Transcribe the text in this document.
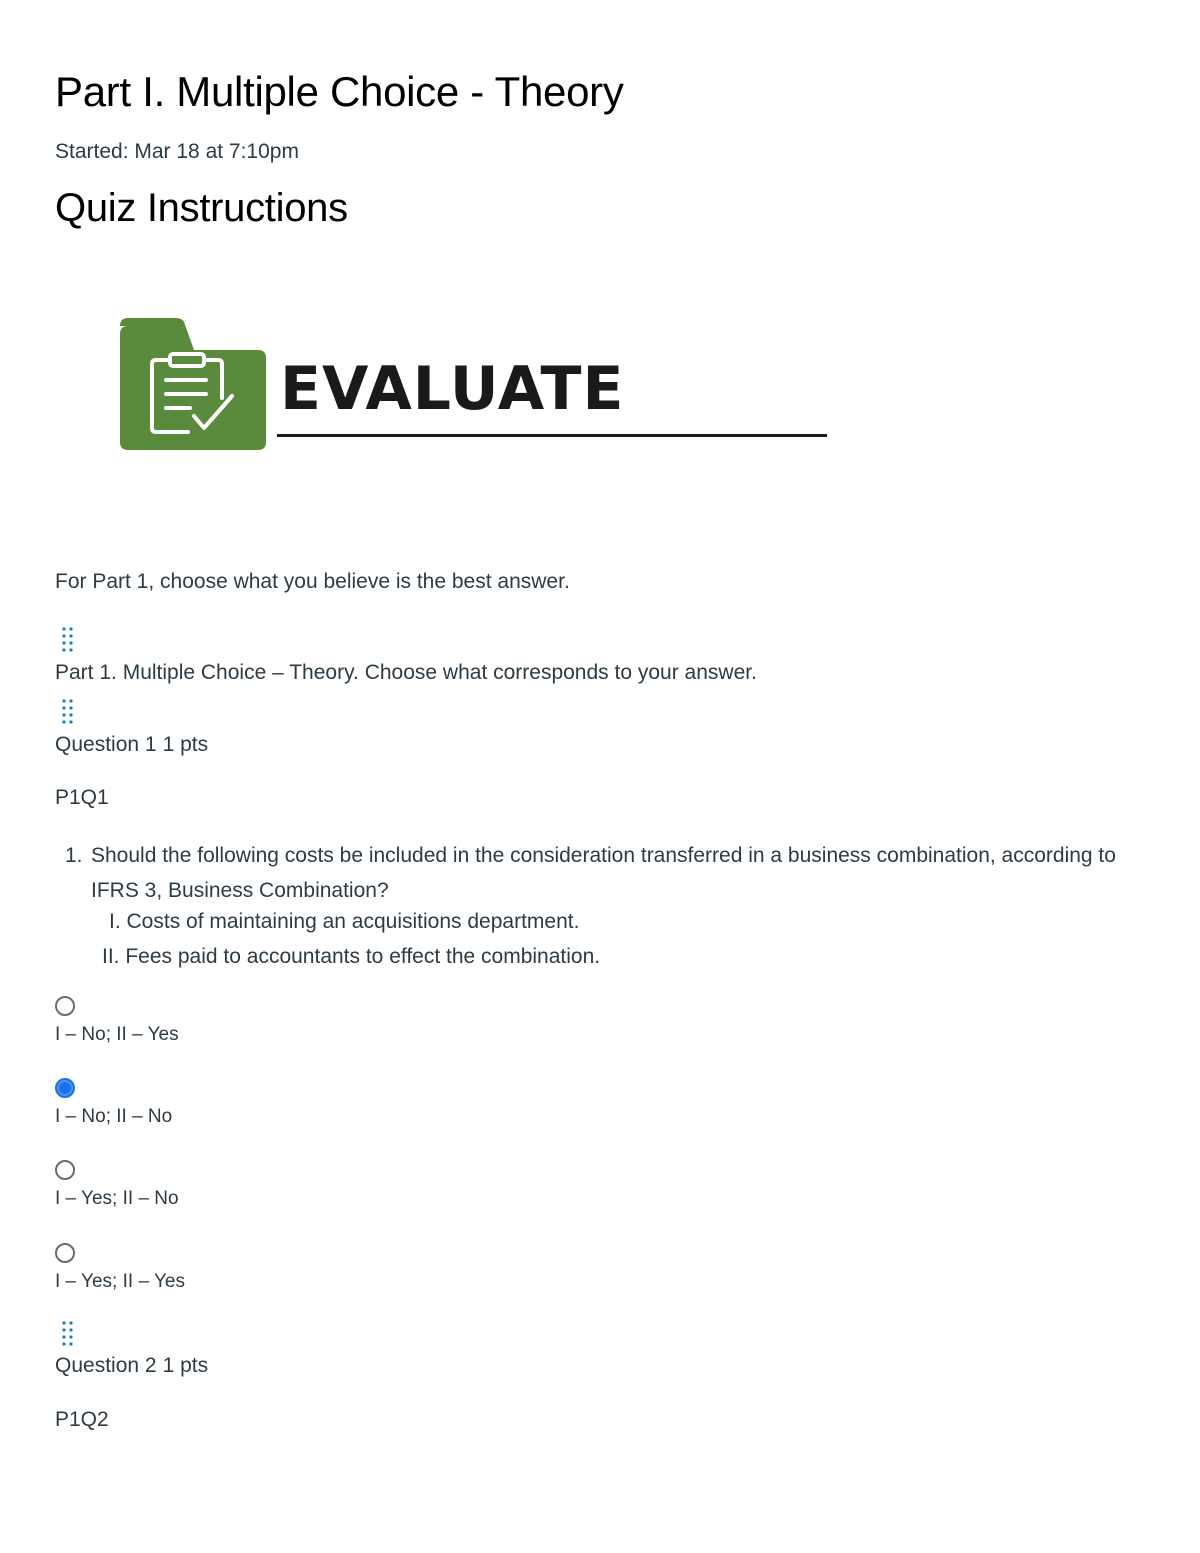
Part I. Multiple Choice - Theory
Started: Mar 18 at 7:10pm
Quiz Instructions
EVALUATE
For Part 1, choose what you believe is the best answer.
Part 1. Multiple Choice – Theory. Choose what corresponds to your answer.
Question 1 1 pts
P1Q1
1. Should the following costs be included in the consideration transferred in a business combination, according to IFRS 3, Business Combination?
I. Costs of maintaining an acquisitions department.
II. Fees paid to accountants to effect the combination.
I – No; II – Yes
I – No; II – No
I – Yes; II – No
I – Yes; II – Yes
Question 2 1 pts
P1Q2
